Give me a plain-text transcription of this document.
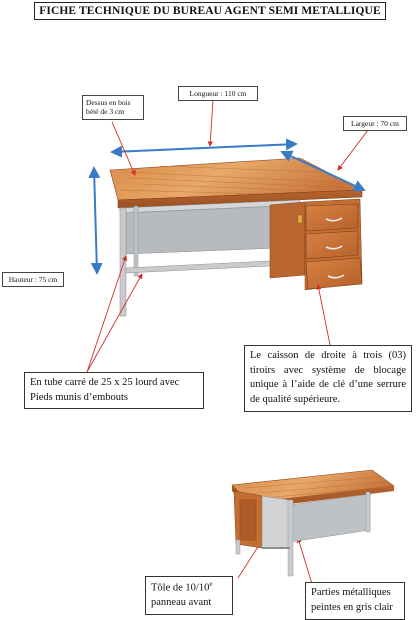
FICHE TECHNIQUE DU BUREAU AGENT SEMI METALLIQUE
Dessus en bois bété de 3 cm
Longueur : 110 cm
Largeur : 70 cm
Hauteur : 75 cm
En tube carré de 25 x 25 lourd avec Pieds munis d’embouts
Le caisson de droite à trois (03) tiroirs avec système de blocage unique à l’aide de clé d’une serrure de qualité supérieure.
Tôle de 10/10e
panneau avant
Parties métalliques peintes en gris clair
